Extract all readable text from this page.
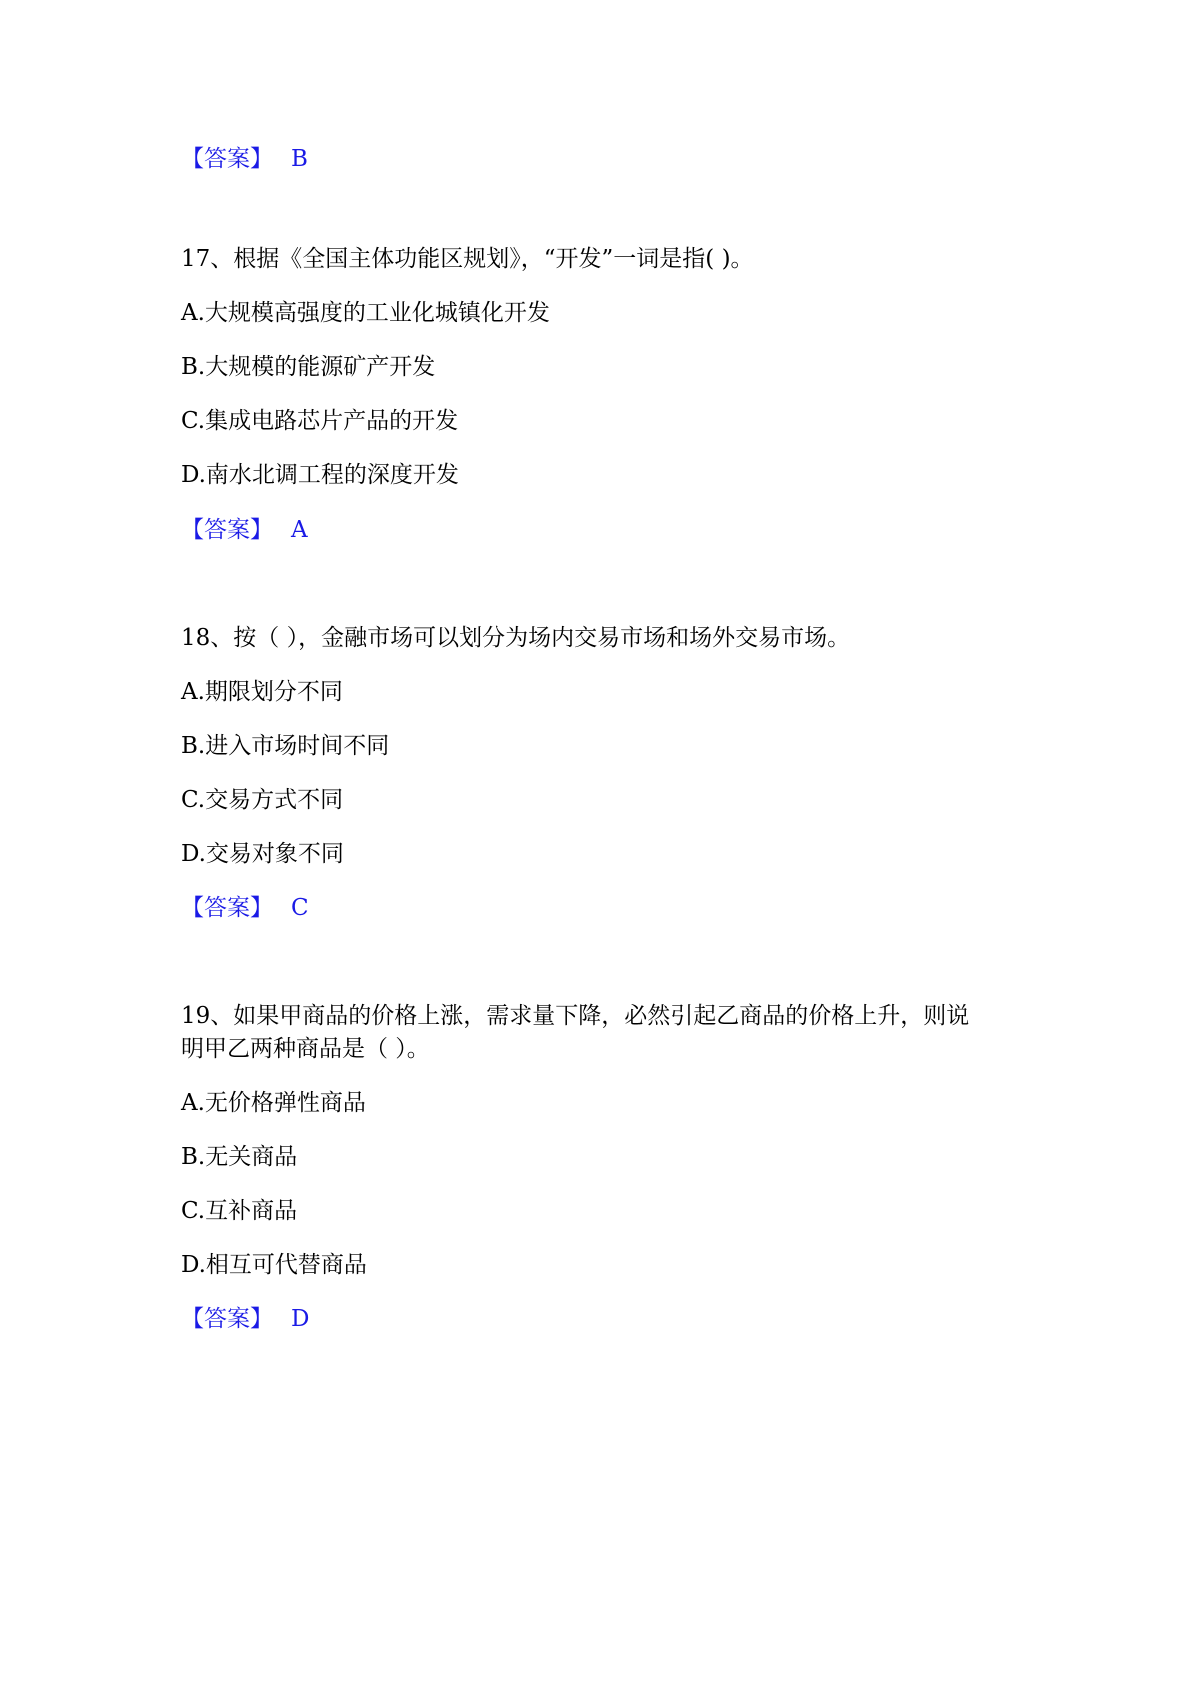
【答案】 B
17、根据《全国主体功能区规划》，“开发”一词是指( )。
A.大规模高强度的工业化城镇化开发
B.大规模的能源矿产开发
C.集成电路芯片产品的开发
D.南水北调工程的深度开发
【答案】 A
18、按（ ），金融市场可以划分为场内交易市场和场外交易市场。
A.期限划分不同
B.进入市场时间不同
C.交易方式不同
D.交易对象不同
【答案】 C
19、如果甲商品的价格上涨，需求量下降，必然引起乙商品的价格上升，则说
明甲乙两种商品是（ ）。
A.无价格弹性商品
B.无关商品
C.互补商品
D.相互可代替商品
【答案】 D
